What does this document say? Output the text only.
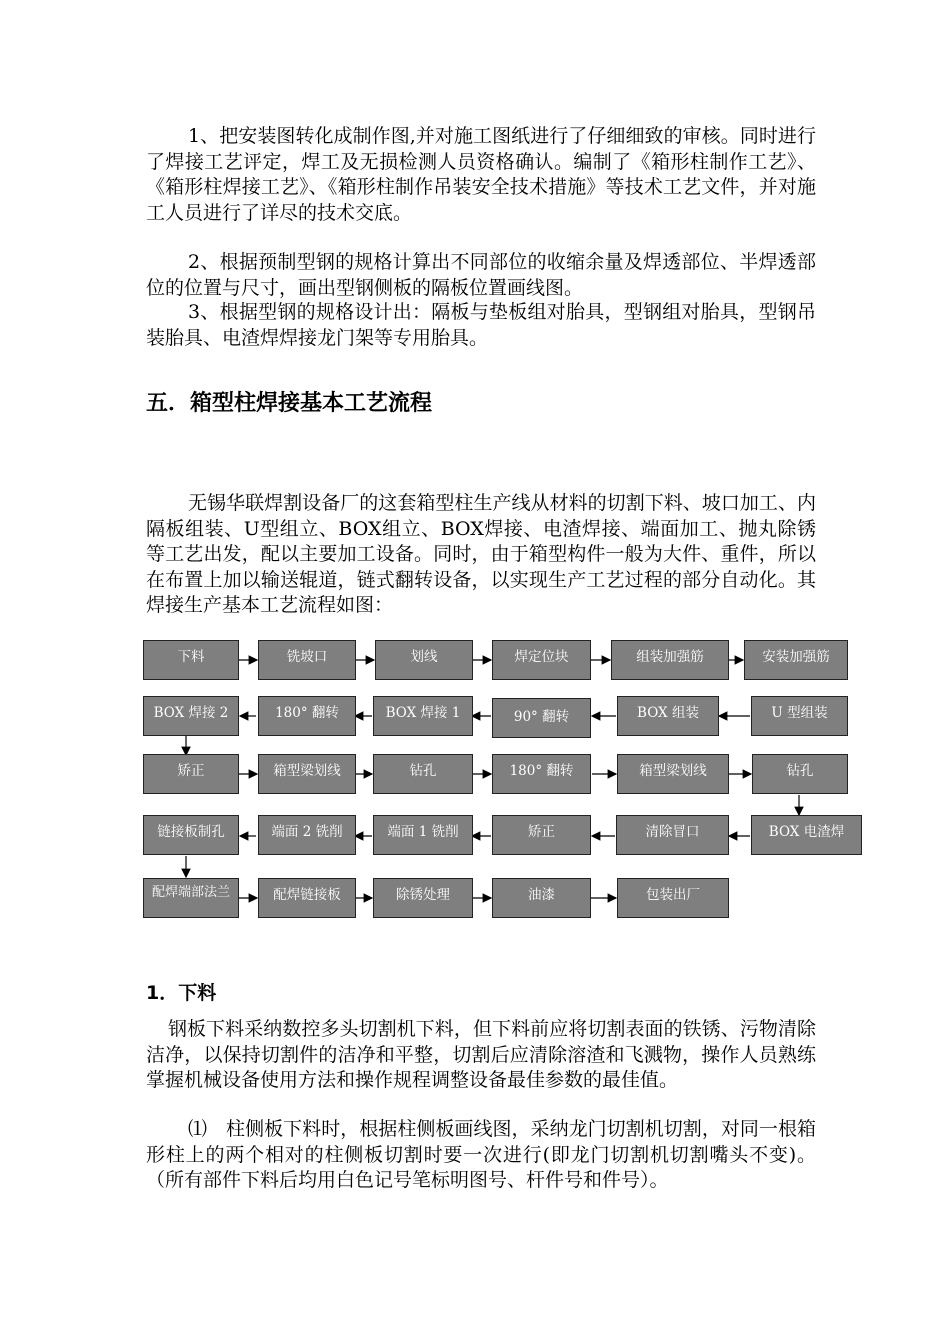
1、把安装图转化成制作图,并对施工图纸进行了仔细细致的审核。同时进行了焊接工艺评定，焊工及无损检测人员资格确认。编制了《箱形柱制作工艺》、《箱形柱焊接工艺》、《箱形柱制作吊装安全技术措施》等技术工艺文件，并对施工人员进行了详尽的技术交底。

2、根据预制型钢的规格计算出不同部位的收缩余量及焊透部位、半焊透部位的位置与尺寸，画出型钢侧板的隔板位置画线图。

3、根据型钢的规格设计出：隔板与垫板组对胎具，型钢组对胎具，型钢吊装胎具、电渣焊焊接龙门架等专用胎具。

五．箱型柱焊接基本工艺流程

无锡华联焊割设备厂的这套箱型柱生产线从材料的切割下料、坡口加工、内隔板组装、U型组立、BOX组立、BOX焊接、电渣焊接、端面加工、抛丸除锈等工艺出发，配以主要加工设备。同时，由于箱型构件一般为大件、重件，所以在布置上加以输送辊道，链式翻转设备，以实现生产工艺过程的部分自动化。其焊接生产基本工艺流程如图：

下料	铣坡口	划线	焊定位块	组装加强筋	安装加强筋
BOX 焊接 2	180° 翻转	BOX 焊接 1	90° 翻转	BOX 组装	U 型组装
矫正	箱型梁划线	钻孔	180° 翻转	箱型梁划线	钻孔
链接板制孔	端面 2 铣削	端面 1 铣削	矫正	清除冒口	BOX 电渣焊
配焊端部法兰	配焊链接板	除锈处理	油漆	包装出厂
1．下料

钢板下料采纳数控多头切割机下料，但下料前应将切割表面的铁锈、污物清除洁净，以保持切割件的洁净和平整，切割后应清除溶渣和飞溅物，操作人员熟练掌握机械设备使用方法和操作规程调整设备最佳参数的最佳值。

⑴　柱侧板下料时，根据柱侧板画线图，采纳龙门切割机切割，对同一根箱形柱上的两个相对的柱侧板切割时要一次进行(即龙门切割机切割嘴头不变)。（所有部件下料后均用白色记号笔标明图号、杆件号和件号）。
